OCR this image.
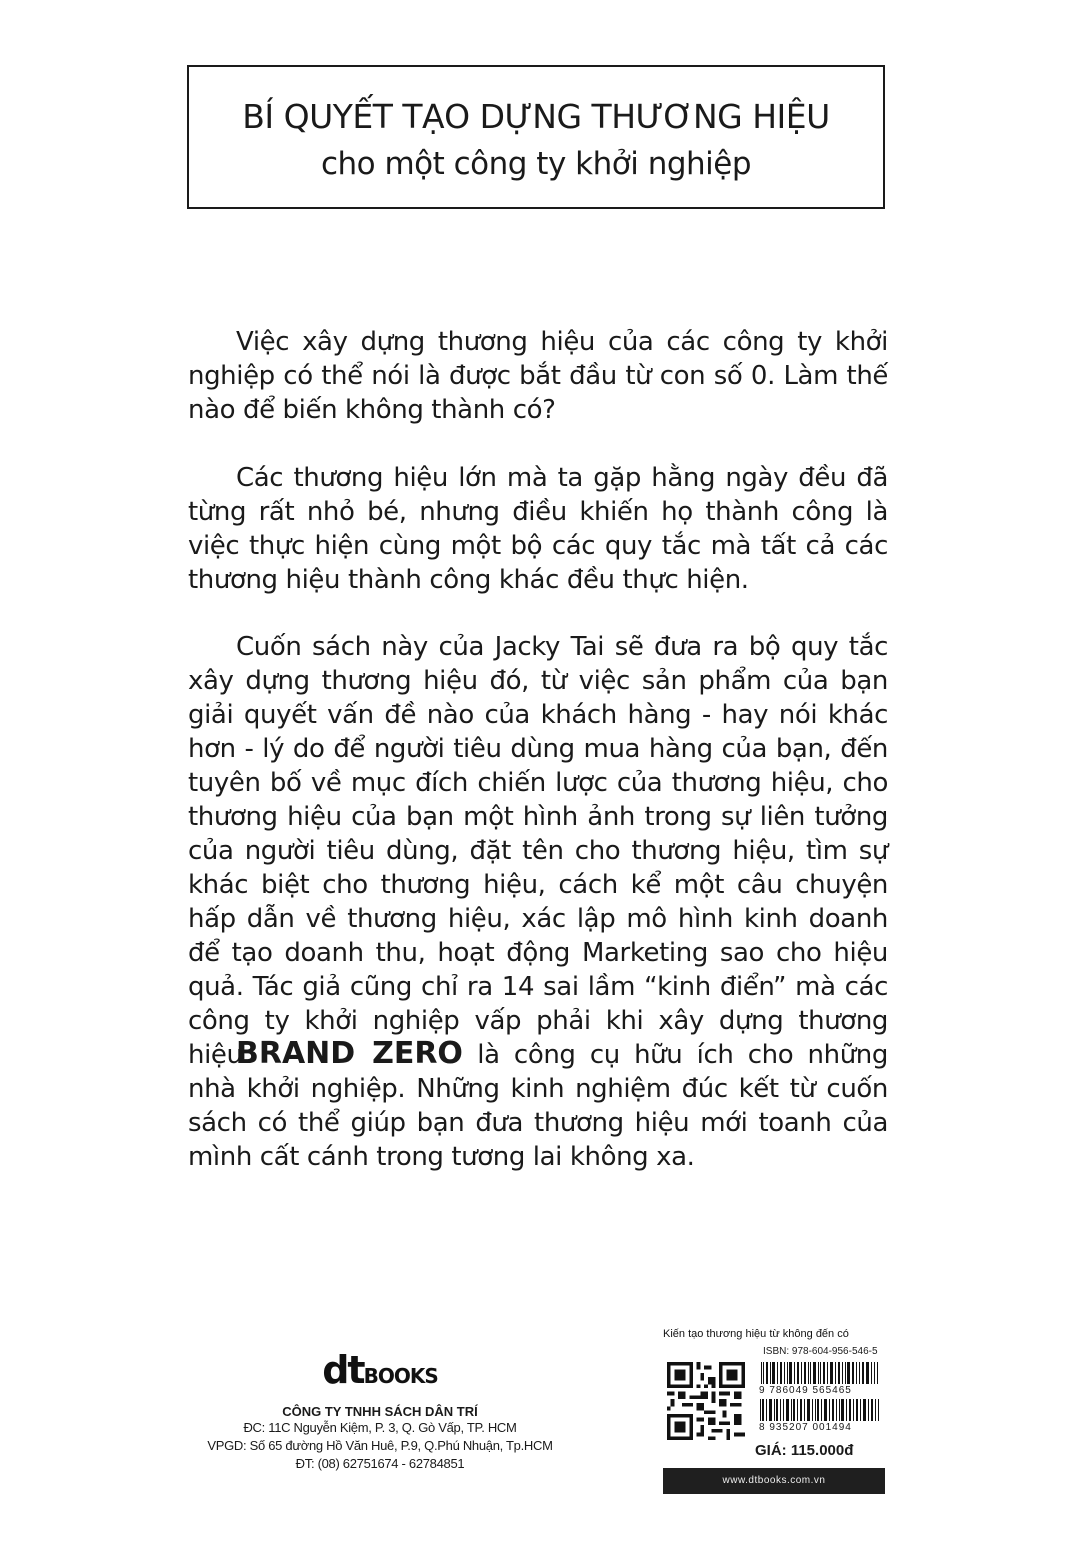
BÍ QUYẾT TẠO DỰNG THƯƠNG HIỆU
cho một công ty khởi nghiệp

Việc xây dựng thương hiệu của các công ty khởi nghiệp có thể nói là được bắt đầu từ con số 0. Làm thế nào để biến không thành có?

Các thương hiệu lớn mà ta gặp hằng ngày đều đã từng rất nhỏ bé, nhưng điều khiến họ thành công là việc thực hiện cùng một bộ các quy tắc mà tất cả các thương hiệu thành công khác đều thực hiện.

Cuốn sách này của Jacky Tai sẽ đưa ra bộ quy tắc xây dựng thương hiệu đó, từ việc sản phẩm của bạn giải quyết vấn đề nào của khách hàng - hay nói khác hơn - lý do để người tiêu dùng mua hàng của bạn, đến tuyên bố về mục đích chiến lược của thương hiệu, cho thương hiệu của bạn một hình ảnh trong sự liên tưởng của người tiêu dùng, đặt tên cho thương hiệu, tìm sự khác biệt cho thương hiệu, cách kể một câu chuyện hấp dẫn về thương hiệu, xác lập mô hình kinh doanh để tạo doanh thu, hoạt động Marketing sao cho hiệu quả. Tác giả cũng chỉ ra 14 sai lầm “kinh điển” mà các công ty khởi nghiệp vấp phải khi xây dựng thương hiệu.

BRAND ZERO là công cụ hữu ích cho những nhà khởi nghiệp. Những kinh nghiệm đúc kết từ cuốn sách có thể giúp bạn đưa thương hiệu mới toanh của mình cất cánh trong tương lai không xa.

dtBOOKS
CÔNG TY TNHH SÁCH DÂN TRÍ
ĐC: 11C Nguyễn Kiệm, P. 3, Q. Gò Vấp, TP. HCM
VPGD: Số 65 đường Hồ Văn Huê, P.9, Q.Phú Nhuận, Tp.HCM
ĐT: (08) 62751674 - 62784851
Kiến tạo thương hiệu từ không đến có
ISBN: 978-604-956-546-5
9 786049 565465
8 935207 001494
GIÁ: 115.000đ
www.dtbooks.com.vn
